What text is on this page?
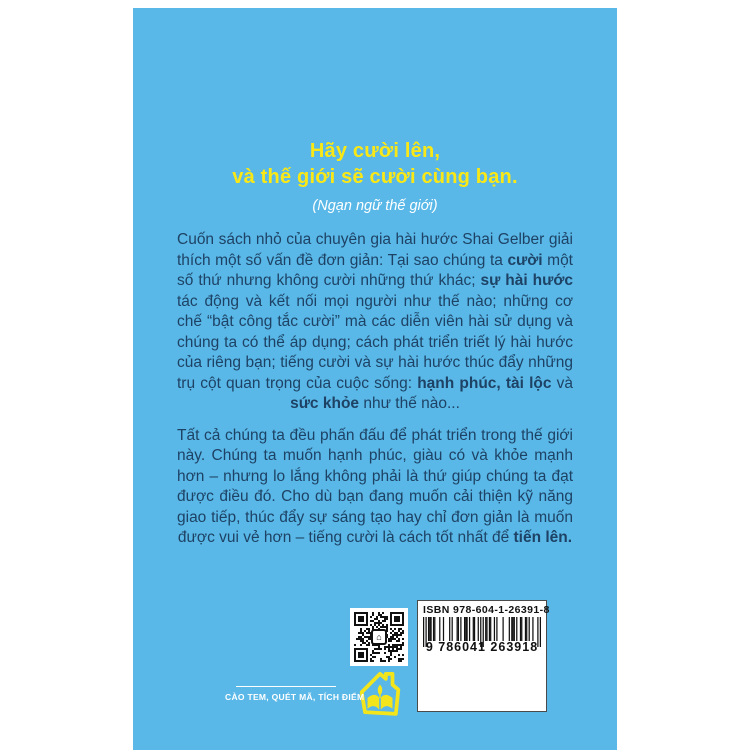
Hãy cười lên,
và thế giới sẽ cười cùng bạn.
(Ngạn ngữ thế giới)

Cuốn sách nhỏ của chuyên gia hài hước Shai Gelber giải thích một số vấn đề đơn giản: Tại sao chúng ta cười một số thứ nhưng không cười những thứ khác; sự hài hước tác động và kết nối mọi người như thế nào; những cơ chế “bật công tắc cười” mà các diễn viên hài sử dụng và chúng ta có thể áp dụng; cách phát triển triết lý hài hước của riêng bạn; tiếng cười và sự hài hước thúc đẩy những trụ cột quan trọng của cuộc sống: hạnh phúc, tài lộc và sức khỏe như thế nào...

Tất cả chúng ta đều phấn đấu để phát triển trong thế giới này. Chúng ta muốn hạnh phúc, giàu có và khỏe mạnh hơn – nhưng lo lắng không phải là thứ giúp chúng ta đạt được điều đó. Cho dù bạn đang muốn cải thiện kỹ năng giao tiếp, thúc đẩy sự sáng tạo hay chỉ đơn giản là muốn được vui vẻ hơn – tiếng cười là cách tốt nhất để tiến lên.

⌂
ISBN 978-604-1-26391-8
9 786041 263918
CÀO TEM, QUÉT MÃ, TÍCH ĐIỂM
